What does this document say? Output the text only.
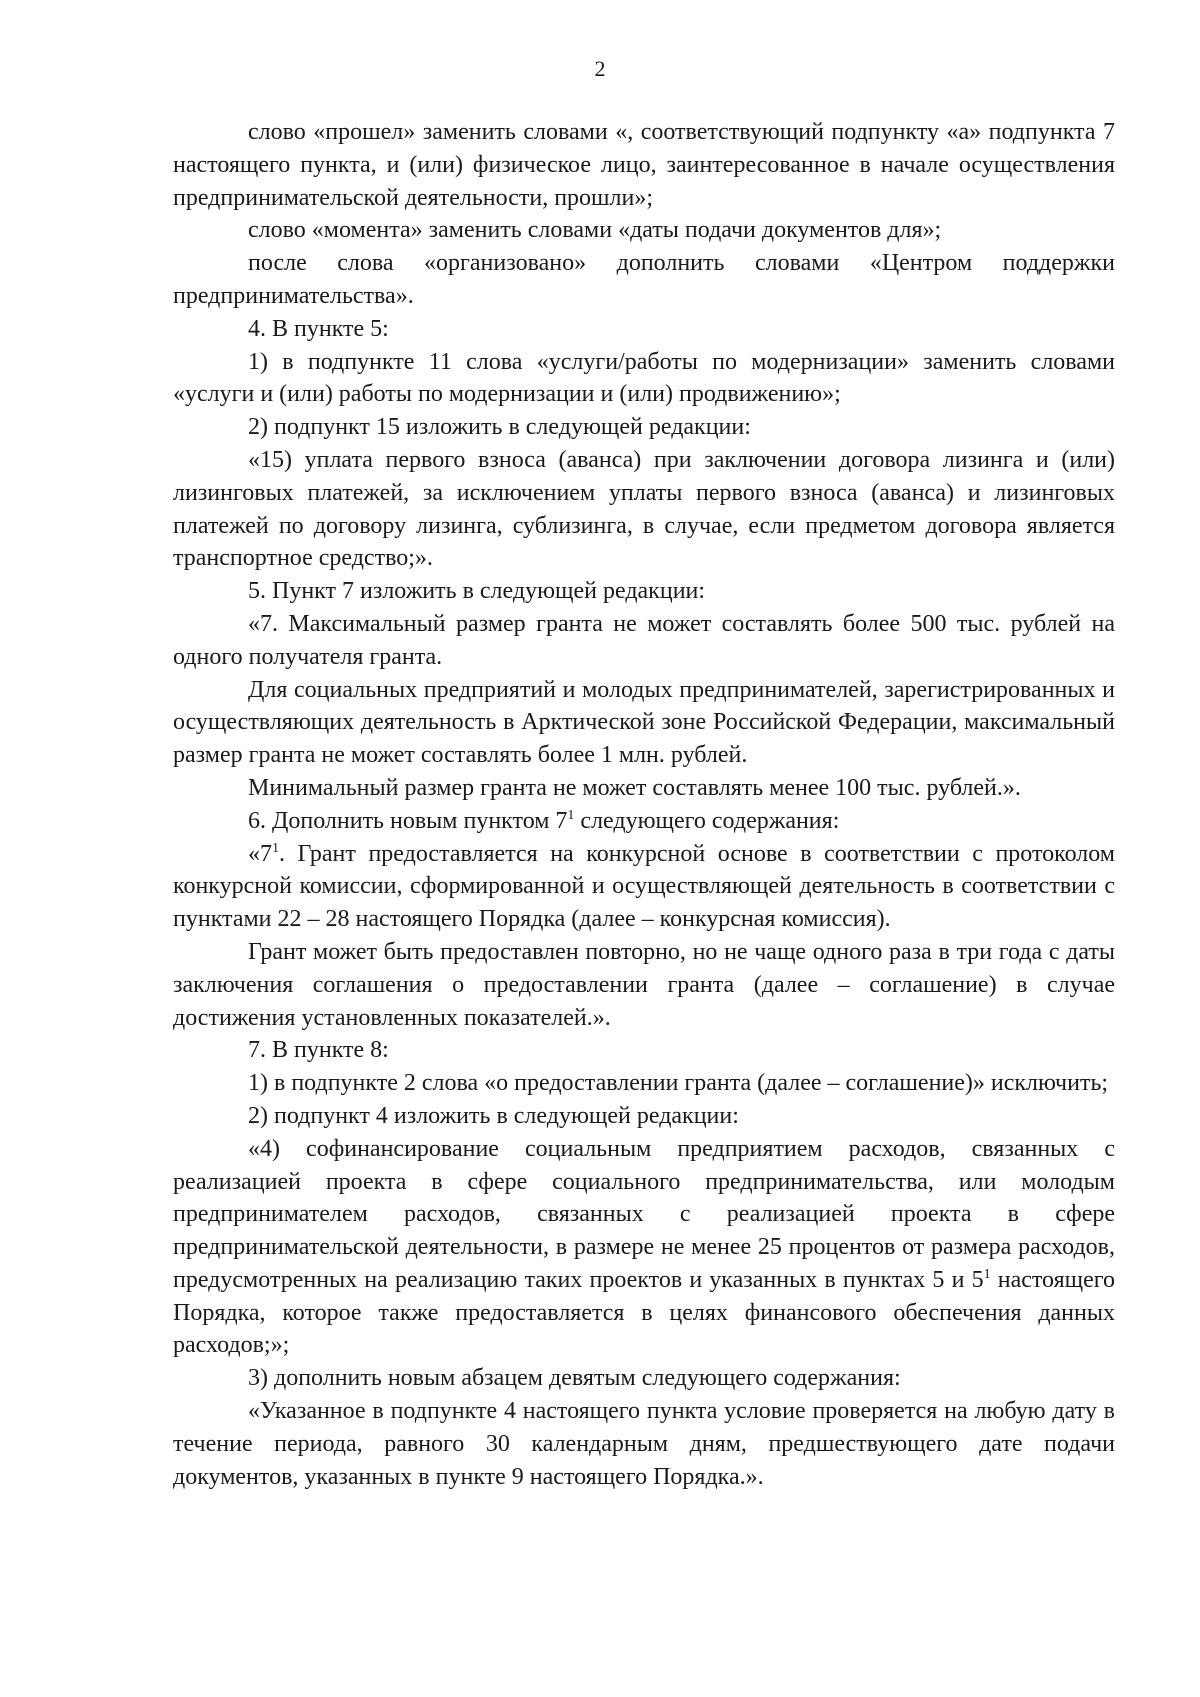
2

слово «прошел» заменить словами «, соответствующий подпункту «а» подпункта 7 настоящего пункта, и (или) физическое лицо, заинтересованное в начале осуществления предпринимательской деятельности, прошли»;

слово «момента» заменить словами «даты подачи документов для»;

после слова «организовано» дополнить словами «Центром поддержки предпринимательства».

4. В пункте 5:

1) в подпункте 11 слова «услуги/работы по модернизации» заменить словами «услуги и (или) работы по модернизации и (или) продвижению»;

2) подпункт 15 изложить в следующей редакции:

«15) уплата первого взноса (аванса) при заключении договора лизинга и (или) лизинговых платежей, за исключением уплаты первого взноса (аванса) и лизинговых платежей по договору лизинга, сублизинга, в случае, если предметом договора является транспортное средство;».

5. Пункт 7 изложить в следующей редакции:

«7. Максимальный размер гранта не может составлять более 500 тыс. рублей на одного получателя гранта.

Для социальных предприятий и молодых предпринимателей, зарегистрированных и осуществляющих деятельность в Арктической зоне Российской Федерации, максимальный размер гранта не может составлять более 1 млн. рублей.

Минимальный размер гранта не может составлять менее 100 тыс. рублей.».

6. Дополнить новым пунктом $7^1$ следующего содержания:

«$7^1$. Грант предоставляется на конкурсной основе в соответствии с протоколом конкурсной комиссии, сформированной и осуществляющей деятельность в соответствии с пунктами 22 – 28 настоящего Порядка (далее – конкурсная комиссия).

Грант может быть предоставлен повторно, но не чаще одного раза в три года с даты заключения соглашения о предоставлении гранта (далее – соглашение) в случае достижения установленных показателей.».

7. В пункте 8:

1) в подпункте 2 слова «о предоставлении гранта (далее – соглашение)» исключить;

2) подпункт 4 изложить в следующей редакции:

«4) софинансирование социальным предприятием расходов, связанных с реализацией проекта в сфере социального предпринимательства, или молодым предпринимателем расходов, связанных с реализацией проекта в сфере предпринимательской деятельности, в размере не менее 25 процентов от размера расходов, предусмотренных на реализацию таких проектов и указанных в пунктах 5 и $5^1$ настоящего Порядка, которое также предоставляется в целях финансового обеспечения данных расходов;»;

3) дополнить новым абзацем девятым следующего содержания:

«Указанное в подпункте 4 настоящего пункта условие проверяется на любую дату в течение периода, равного 30 календарным дням, предшествующего дате подачи документов, указанных в пункте 9 настоящего Порядка.».
